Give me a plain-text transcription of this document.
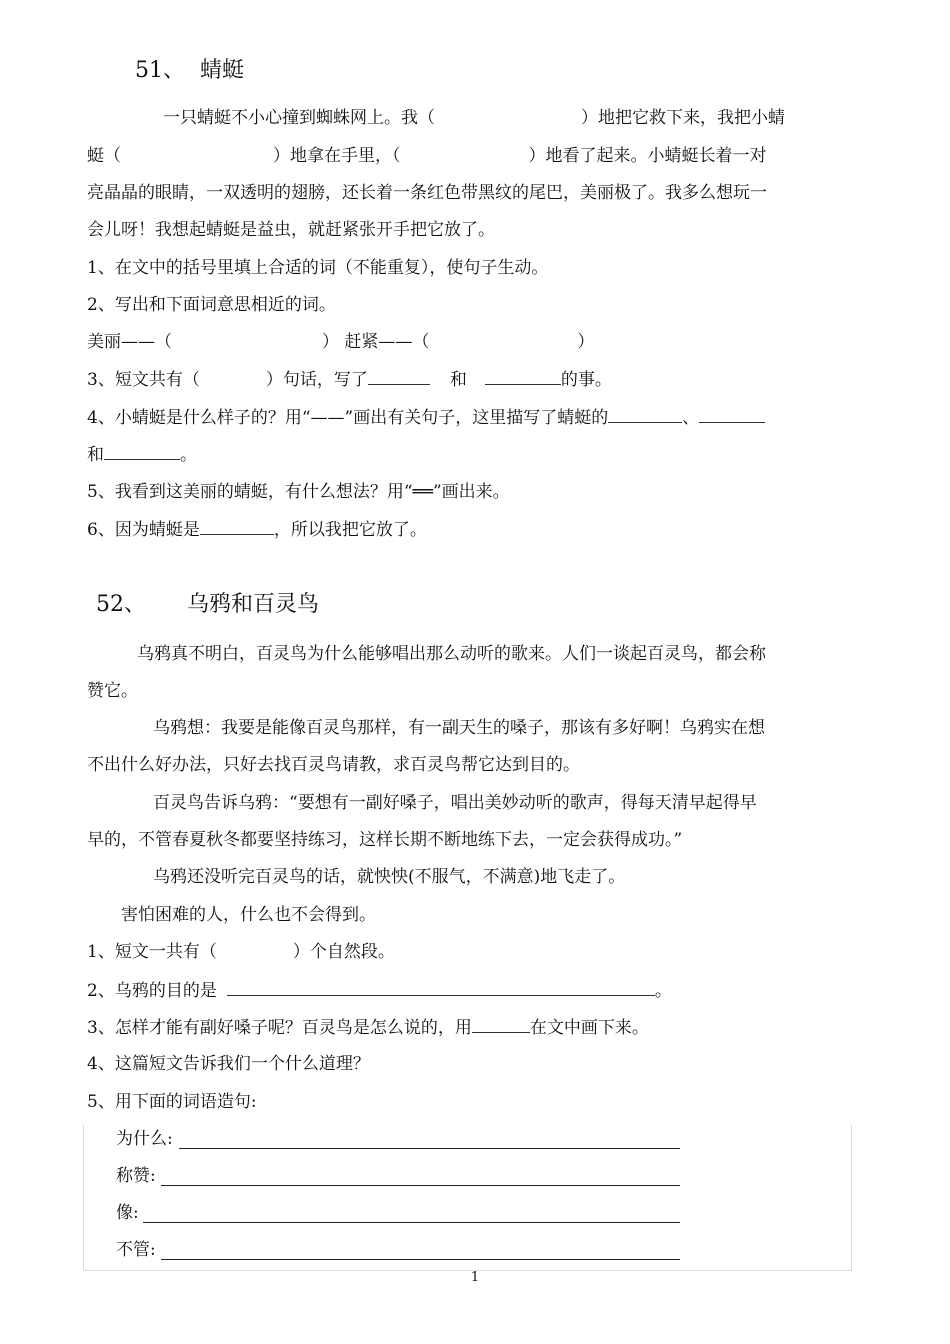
51、 蜻蜓
一只蜻蜓不小心撞到蜘蛛网上。我（	）地把它救下来，我把小蜻
蜓（	）地拿在手里，（	）地看了起来。小蜻蜓长着一对
亮晶晶的眼睛，一双透明的翅膀，还长着一条红色带黑纹的尾巴，美丽极了。我多么想玩一
会儿呀！我想起蜻蜓是益虫，就赶紧张开手把它放了。
1、在文中的括号里填上合适的词（不能重复），使句子生动。
2、写出和下面词意思相近的词。
美丽——（	） 赶紧——（	）
3、短文共有（	）句话，写了	和	的事。
4、小蜻蜓是什么样子的？用“——”画出有关句子，这里描写了蜻蜓的	、
和	。
5、我看到这美丽的蜻蜓，有什么想法？用“══”画出来。
6、因为蜻蜓是	，所以我把它放了。
52、 乌鸦和百灵鸟
乌鸦真不明白，百灵鸟为什么能够唱出那么动听的歌来。人们一谈起百灵鸟，都会称
赞它。
乌鸦想：我要是能像百灵鸟那样，有一副天生的嗓子，那该有多好啊！乌鸦实在想
不出什么好办法，只好去找百灵鸟请教，求百灵鸟帮它达到目的。
百灵鸟告诉乌鸦：“要想有一副好嗓子，唱出美妙动听的歌声，得每天清早起得早
早的，不管春夏秋冬都要坚持练习，这样长期不断地练下去，一定会获得成功。”
乌鸦还没听完百灵鸟的话，就怏怏(不服气，不满意)地飞走了。
害怕困难的人，什么也不会得到。
1、短文一共有（	）个自然段。
2、乌鸦的目的是	。
3、怎样才能有副好嗓子呢？百灵鸟是怎么说的，用	在文中画下来。
4、这篇短文告诉我们一个什么道理？
5、用下面的词语造句:
为什么:
称赞:
像:
不管:
1
